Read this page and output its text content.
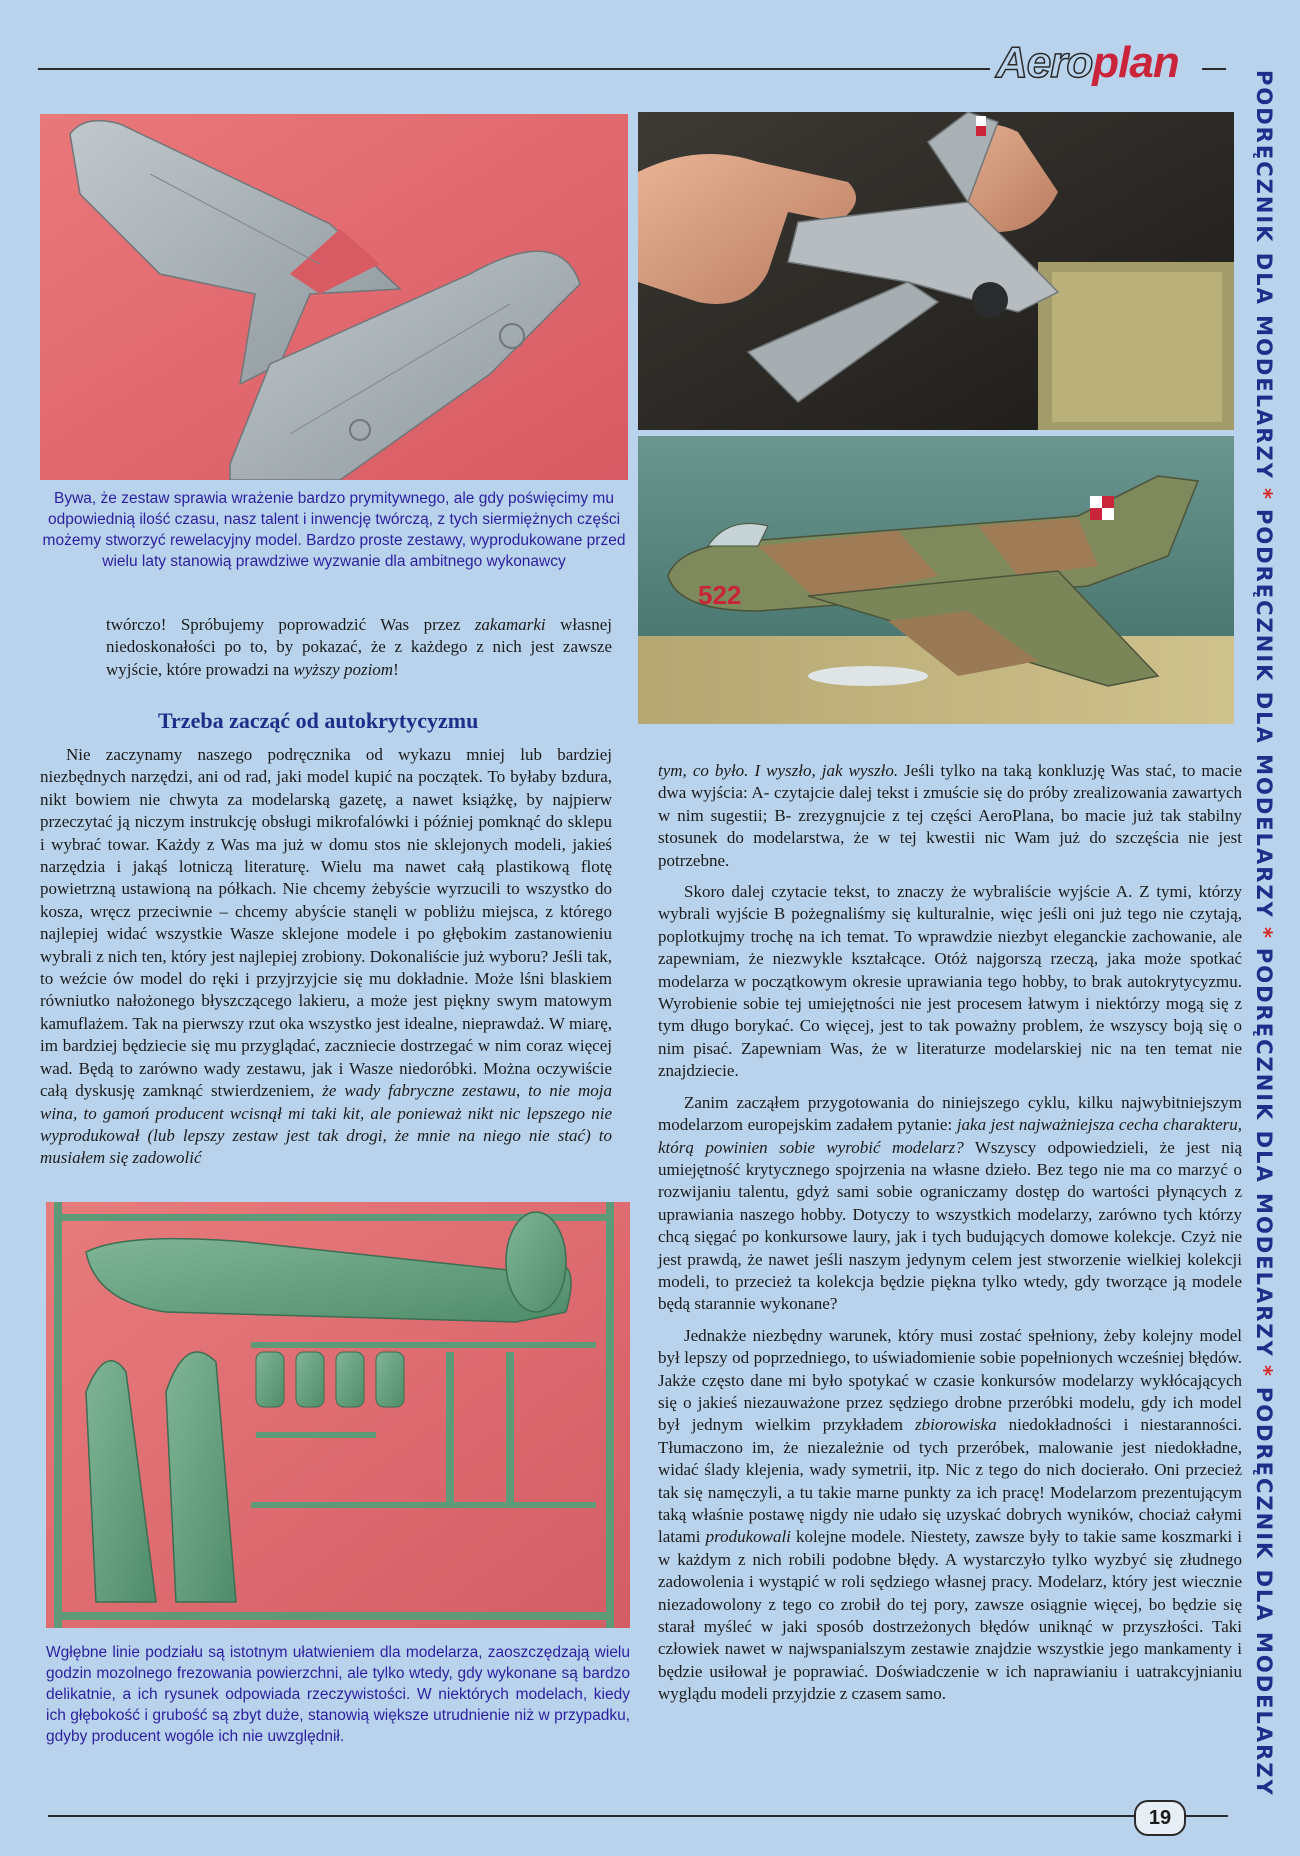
Aeroplan
PODRĘCZNIK DLA MODELARZY*PODRĘCZNIK DLA MODELARZY*PODRĘCZNIK DLA MODELARZY*PODRĘCZNIK DLA MODELARZY
Bywa, że zestaw sprawia wrażenie bardzo prymitywnego, ale gdy poświęcimy mu odpowiednią ilość czasu, nasz talent i inwencję twórczą, z tych siermiężnych części możemy stworzyć rewelacyjny model. Bardzo proste zestawy, wyprodukowane przed wielu laty stanowią prawdziwe wyzwanie dla ambitnego wykonawcy
522

twórczo! Spróbujemy poprowadzić Was przez zakamarki własnej niedoskonałości po to, by pokazać, że z każdego z nich jest zawsze wyjście, które prowadzi na wyższy poziom!

Trzeba zacząć od autokrytycyzmu

Nie zaczynamy naszego podręcznika od wykazu mniej lub bardziej niezbędnych narzędzi, ani od rad, jaki model kupić na początek. To byłaby bzdura, nikt bowiem nie chwyta za modelarską gazetę, a nawet książkę, by najpierw przeczytać ją niczym instrukcję obsługi mikrofalówki i później pomknąć do sklepu i wybrać towar. Każdy z Was ma już w domu stos nie sklejonych modeli, jakieś narzędzia i jakąś lotniczą literaturę. Wielu ma nawet całą plastikową flotę powietrzną ustawioną na półkach. Nie chcemy żebyście wyrzucili to wszystko do kosza, wręcz przeciwnie – chcemy abyście stanęli w pobliżu miejsca, z którego najlepiej widać wszystkie Wasze sklejone modele i po głębokim zastanowieniu wybrali z nich ten, który jest najlepiej zrobiony. Dokonaliście już wyboru? Jeśli tak, to weźcie ów model do ręki i przyjrzyjcie się mu dokładnie. Może lśni blaskiem równiutko nałożonego błyszczącego lakieru, a może jest piękny swym matowym kamuflażem. Tak na pierwszy rzut oka wszystko jest idealne, nieprawdaż. W miarę, im bardziej będziecie się mu przyglądać, zaczniecie dostrzegać w nim coraz więcej wad. Będą to zarówno wady zestawu, jak i Wasze niedoróbki. Można oczywiście całą dyskusję zamknąć stwierdzeniem, że wady fabryczne zestawu, to nie moja wina, to gamoń producent wcisnął mi taki kit, ale ponieważ nikt nic lepszego nie wyprodukował (lub lepszy zestaw jest tak drogi, że mnie na niego nie stać) to musiałem się zadowolić

Wgłębne linie podziału są istotnym ułatwieniem dla modelarza, zaoszczędzają wielu godzin mozolnego frezowania powierzchni, ale tylko wtedy, gdy wykonane są bardzo delikatnie, a ich rysunek odpowiada rzeczywistości. W niektórych modelach, kiedy ich głębokość i grubość są zbyt duże, stanowią większe utrudnienie niż w przypadku, gdyby producent wogóle ich nie uwzględnił.

tym, co było. I wyszło, jak wyszło. Jeśli tylko na taką konkluzję Was stać, to macie dwa wyjścia: A- czytajcie dalej tekst i zmuście się do próby zrealizowania zawartych w nim sugestii; B- zrezygnujcie z tej części AeroPlana, bo macie już tak stabilny stosunek do modelarstwa, że w tej kwestii nic Wam już do szczęścia nie jest potrzebne.

Skoro dalej czytacie tekst, to znaczy że wybraliście wyjście A. Z tymi, którzy wybrali wyjście B pożegnaliśmy się kulturalnie, więc jeśli oni już tego nie czytają, poplotkujmy trochę na ich temat. To wprawdzie niezbyt eleganckie zachowanie, ale zapewniam, że niezwykle kształcące. Otóż najgorszą rzeczą, jaka może spotkać modelarza w początkowym okresie uprawiania tego hobby, to brak autokrytycyzmu. Wyrobienie sobie tej umiejętności nie jest procesem łatwym i niektórzy mogą się z tym długo borykać. Co więcej, jest to tak poważny problem, że wszyscy boją się o nim pisać. Zapewniam Was, że w literaturze modelarskiej nic na ten temat nie znajdziecie.

Zanim zacząłem przygotowania do niniejszego cyklu, kilku najwybitniejszym modelarzom europejskim zadałem pytanie: jaka jest najważniejsza cecha charakteru, którą powinien sobie wyrobić modelarz? Wszyscy odpowiedzieli, że jest nią umiejętność krytycznego spojrzenia na własne dzieło. Bez tego nie ma co marzyć o rozwijaniu talentu, gdyż sami sobie ograniczamy dostęp do wartości płynących z uprawiania naszego hobby. Dotyczy to wszystkich modelarzy, zarówno tych którzy chcą sięgać po konkursowe laury, jak i tych budujących domowe kolekcje. Czyż nie jest prawdą, że nawet jeśli naszym jedynym celem jest stworzenie wielkiej kolekcji modeli, to przecież ta kolekcja będzie piękna tylko wtedy, gdy tworzące ją modele będą starannie wykonane?

Jednakże niezbędny warunek, który musi zostać spełniony, żeby kolejny model był lepszy od poprzedniego, to uświadomienie sobie popełnionych wcześniej błędów. Jakże często dane mi było spotykać w czasie konkursów modelarzy wykłócających się o jakieś niezauważone przez sędziego drobne przeróbki modelu, gdy ich model był jednym wielkim przykładem zbiorowiska niedokładności i niestaranności. Tłumaczono im, że niezależnie od tych przeróbek, malowanie jest niedokładne, widać ślady klejenia, wady symetrii, itp. Nic z tego do nich docierało. Oni przecież tak się namęczyli, a tu takie marne punkty za ich pracę! Modelarzom prezentującym taką właśnie postawę nigdy nie udało się uzyskać dobrych wyników, chociaż całymi latami produkowali kolejne modele. Niestety, zawsze były to takie same koszmarki i w każdym z nich robili podobne błędy. A wystarczyło tylko wyzbyć się złudnego zadowolenia i wystąpić w roli sędziego własnej pracy. Modelarz, który jest wiecznie niezadowolony z tego co zrobił do tej pory, zawsze osiągnie więcej, bo będzie się starał myśleć w jaki sposób dostrzeżonych błędów uniknąć w przyszłości. Taki człowiek nawet w najwspanialszym zestawie znajdzie wszystkie jego mankamenty i będzie usiłował je poprawiać. Doświadczenie w ich naprawianiu i uatrakcyjnianiu wyglądu modeli przyjdzie z czasem samo.

19
